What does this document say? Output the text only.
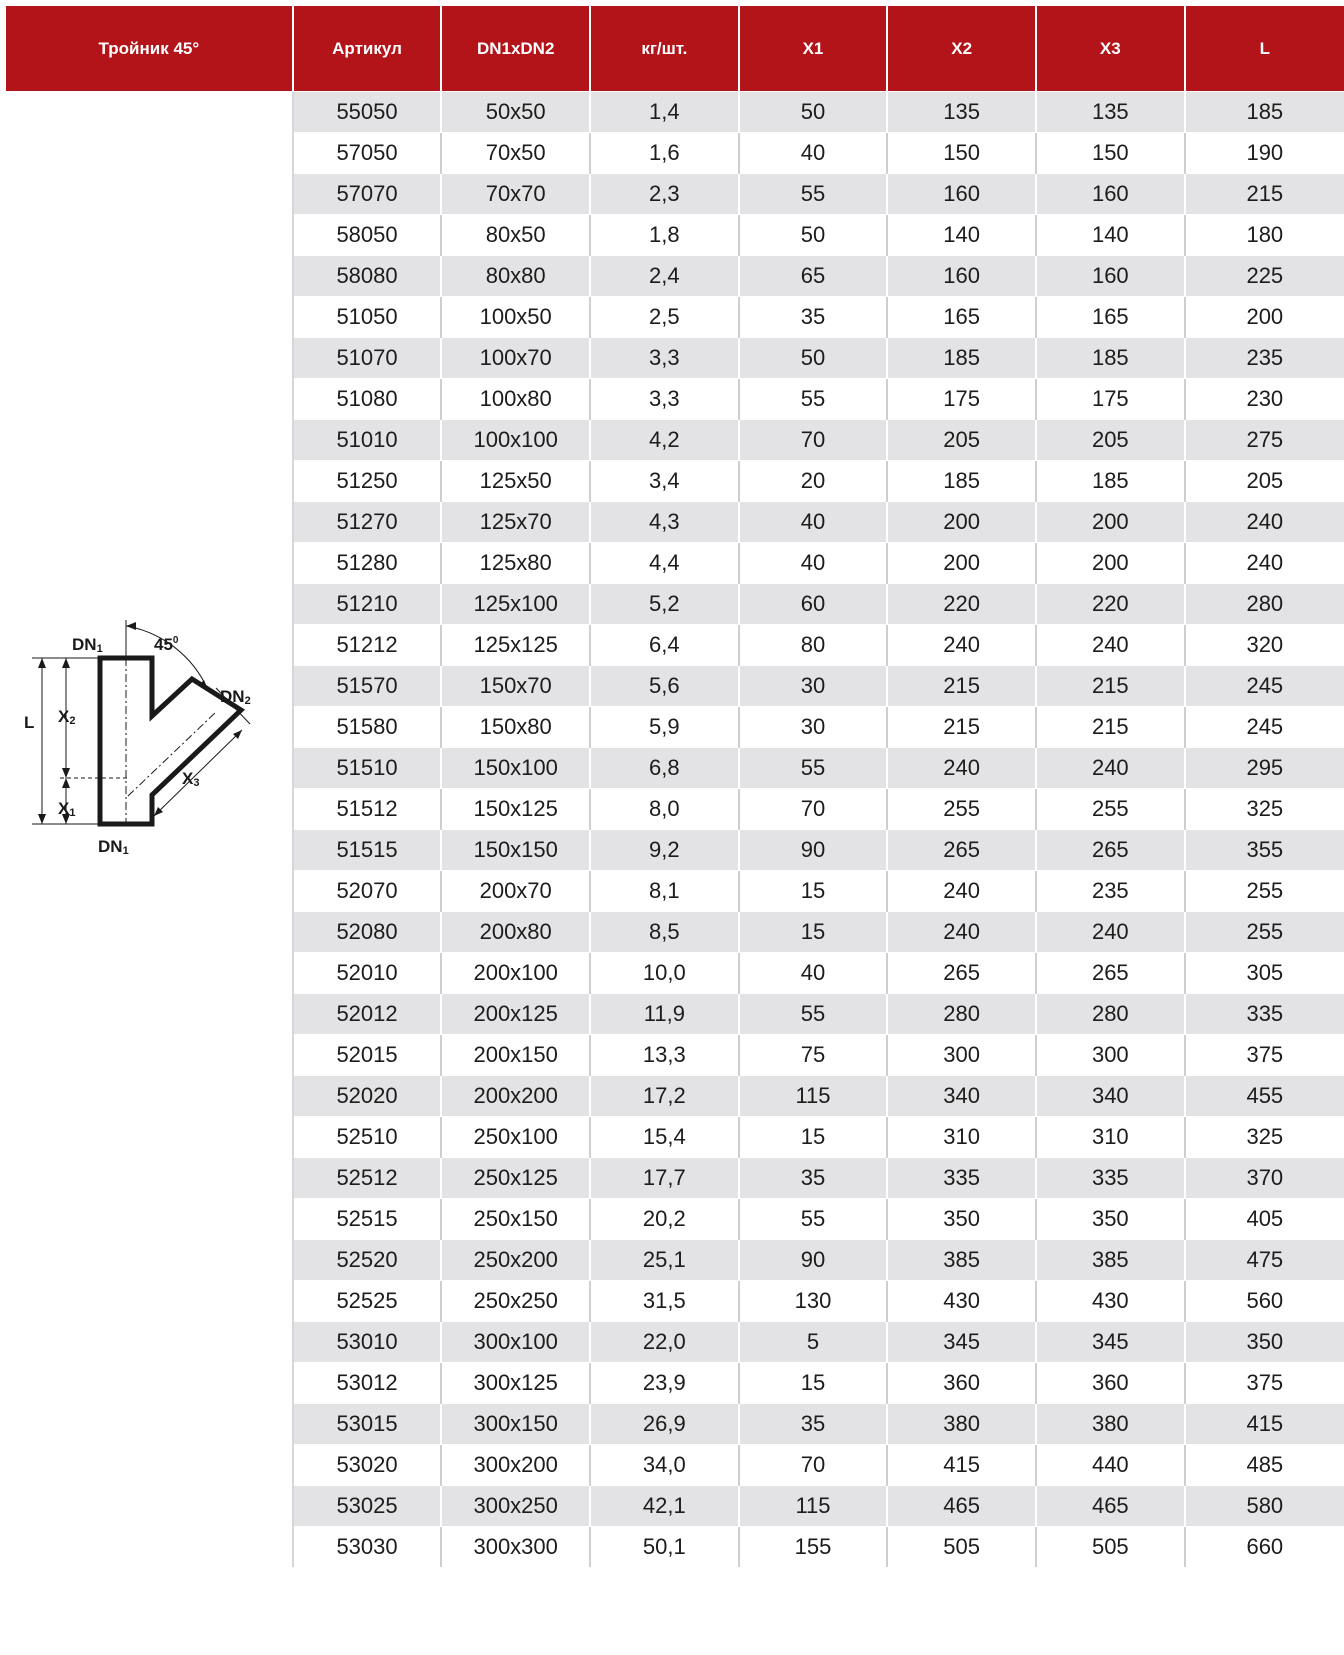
Тройник 45°	Артикул	DN1xDN2	кг/шт.	X1	X2	X3	L
	55050	50x50	1,4	50	135	135	185
	57050	70x50	1,6	40	150	150	190
	57070	70x70	2,3	55	160	160	215
	58050	80x50	1,8	50	140	140	180
	58080	80x80	2,4	65	160	160	225
	51050	100x50	2,5	35	165	165	200
	51070	100x70	3,3	50	185	185	235
	51080	100x80	3,3	55	175	175	230
	51010	100x100	4,2	70	205	205	275
	51250	125x50	3,4	20	185	185	205
	51270	125x70	4,3	40	200	200	240
	51280	125x80	4,4	40	200	200	240
	51210	125x100	5,2	60	220	220	280
	51212	125x125	6,4	80	240	240	320
	51570	150x70	5,6	30	215	215	245
	51580	150x80	5,9	30	215	215	245
	51510	150x100	6,8	55	240	240	295
	51512	150x125	8,0	70	255	255	325
	51515	150x150	9,2	90	265	265	355
	52070	200x70	8,1	15	240	235	255
	52080	200x80	8,5	15	240	240	255
	52010	200x100	10,0	40	265	265	305
	52012	200x125	11,9	55	280	280	335
	52015	200x150	13,3	75	300	300	375
	52020	200x200	17,2	115	340	340	455
	52510	250x100	15,4	15	310	310	325
	52512	250x125	17,7	35	335	335	370
	52515	250x150	20,2	55	350	350	405
	52520	250x200	25,1	90	385	385	475
	52525	250x250	31,5	130	430	430	560
	53010	300x100	22,0	5	345	345	350
	53012	300x125	23,9	15	360	360	375
	53015	300x150	26,9	35	380	380	415
	53020	300x200	34,0	70	415	440	485
	53025	300x250	42,1	115	465	465	580
	53030	300x300	50,1	155	505	505	660
DN1	$45^0$
DN2
L X2
X1
X3
DN1
